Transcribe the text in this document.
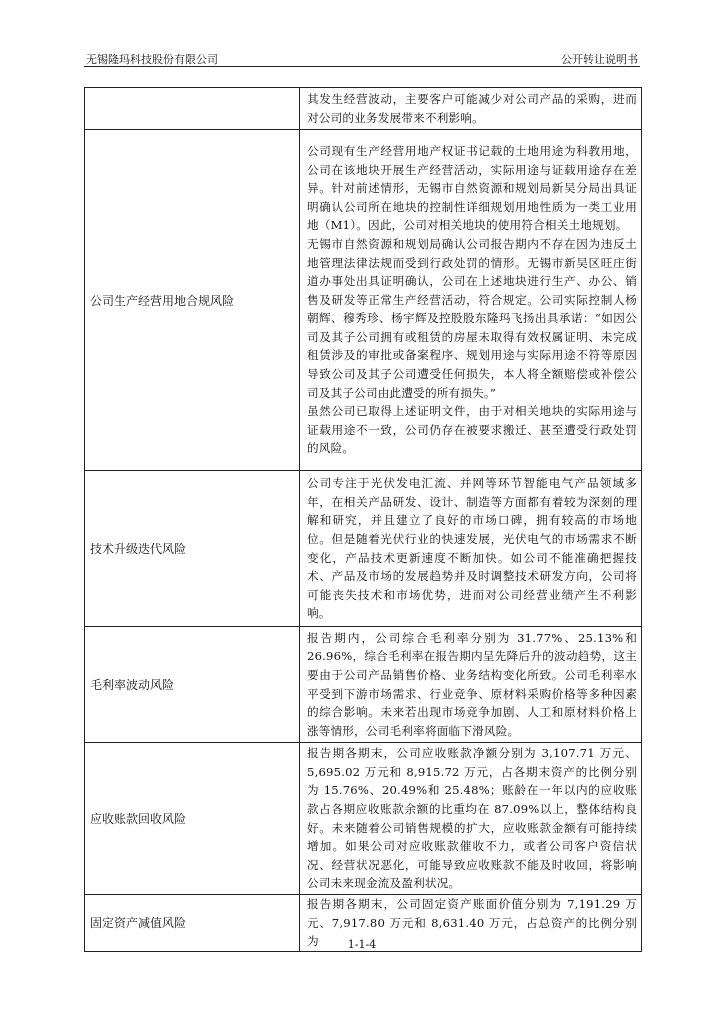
无锡隆玛科技股份有限公司	公开转让说明书

	其发生经营波动，主要客户可能减少对公司产品的采购，进而对公司的业务发展带来不利影响。

公司生产经营用地合规风险	公司现有生产经营用地产权证书记载的土地用途为科教用地，公司在该地块开展生产经营活动，实际用途与证载用途存在差异。针对前述情形，无锡市自然资源和规划局新吴分局出具证明确认公司所在地块的控制性详细规划用地性质为一类工业用地（M1）。因此，公司对相关地块的使用符合相关土地规划。
无锡市自然资源和规划局确认公司报告期内不存在因为违反土地管理法律法规而受到行政处罚的情形。无锡市新吴区旺庄街道办事处出具证明确认，公司在上述地块进行生产、办公、销售及研发等正常生产经营活动，符合规定。公司实际控制人杨朝辉、穆秀珍、杨宇辉及控股股东隆玛飞扬出具承诺：“如因公司及其子公司拥有或租赁的房屋未取得有效权属证明、未完成租赁涉及的审批或备案程序、规划用途与实际用途不符等原因导致公司及其子公司遭受任何损失，本人将全额赔偿或补偿公司及其子公司由此遭受的所有损失。”
虽然公司已取得上述证明文件，由于对相关地块的实际用途与证载用途不一致，公司仍存在被要求搬迁、甚至遭受行政处罚的风险。

技术升级迭代风险	公司专注于光伏发电汇流、并网等环节智能电气产品领域多年，在相关产品研发、设计、制造等方面都有着较为深刻的理解和研究，并且建立了良好的市场口碑，拥有较高的市场地位。但是随着光伏行业的快速发展，光伏电气的市场需求不断变化，产品技术更新速度不断加快。如公司不能准确把握技术、产品及市场的发展趋势并及时调整技术研发方向，公司将可能丧失技术和市场优势，进而对公司经营业绩产生不利影响。

毛利率波动风险	报告期内，公司综合毛利率分别为 31.77%、25.13%和 26.96%，综合毛利率在报告期内呈先降后升的波动趋势，这主要由于公司产品销售价格、业务结构变化所致。公司毛利率水平受到下游市场需求、行业竞争、原材料采购价格等多种因素的综合影响。未来若出现市场竞争加剧、人工和原材料价格上涨等情形，公司毛利率将面临下滑风险。

应收账款回收风险	报告期各期末，公司应收账款净额分别为 3,107.71 万元、5,695.02 万元和 8,915.72 万元，占各期末资产的比例分别为 15.76%、20.49%和 25.48%；账龄在一年以内的应收账款占各期应收账款余额的比重均在 87.09%以上，整体结构良好。未来随着公司销售规模的扩大，应收账款金额有可能持续增加。如果公司对应收账款催收不力，或者公司客户资信状况、经营状况恶化，可能导致应收账款不能及时收回，将影响公司未来现金流及盈利状况。

固定资产减值风险	报告期各期末，公司固定资产账面价值分别为 7,191.29 万元、7,917.80 万元和 8,631.40 万元，占总资产的比例分别为	1-1-4
